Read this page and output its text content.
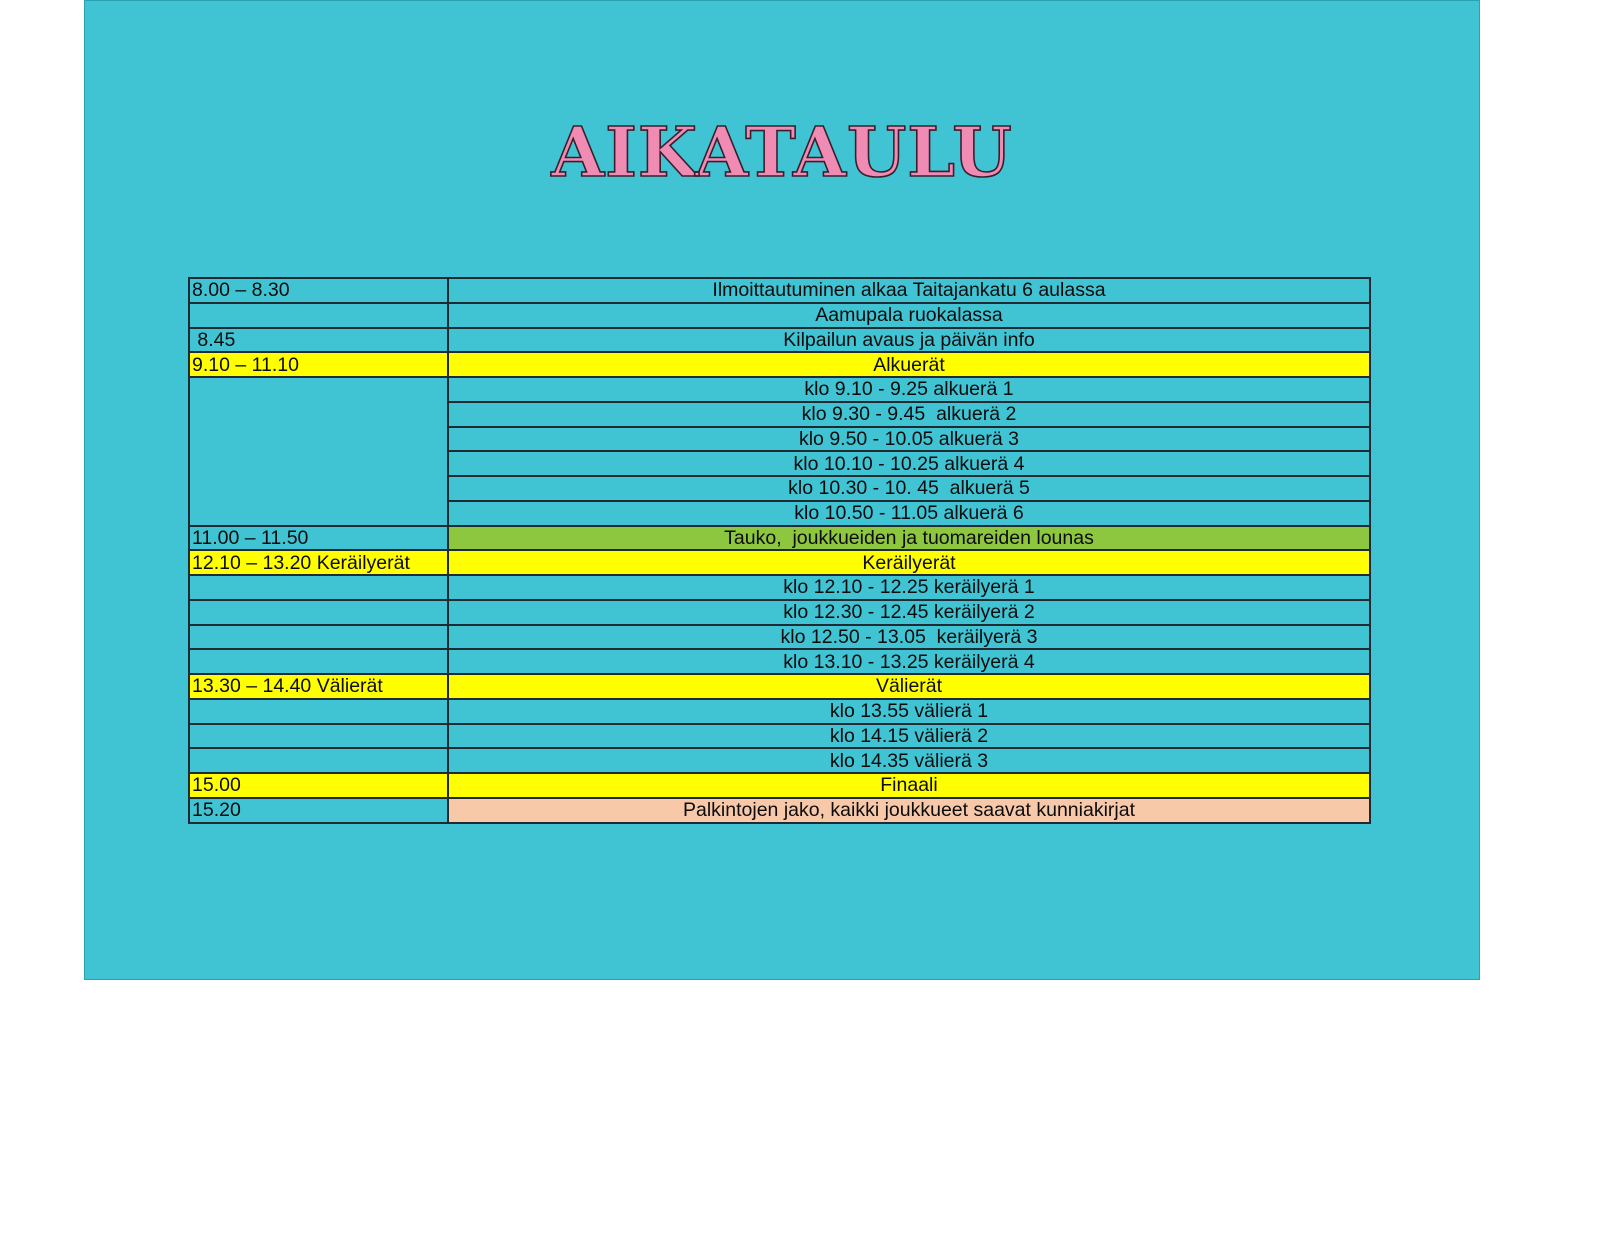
AIKATAULU
8.00 – 8.30	Ilmoittautuminen alkaa Taitajankatu 6 aulassa
	Aamupala ruokalassa
8.45	Kilpailun avaus ja päivän info
9.10 – 11.10	Alkuerät
	klo 9.10 - 9.25 alkuerä 1
	klo 9.30 - 9.45  alkuerä 2
	klo 9.50 - 10.05 alkuerä 3
	klo 10.10 - 10.25 alkuerä 4
	klo 10.30 - 10. 45  alkuerä 5
	klo 10.50 - 11.05 alkuerä 6
11.00 – 11.50	Tauko,  joukkueiden ja tuomareiden lounas
12.10 – 13.20 Keräilyerät	Keräilyerät
	klo 12.10 - 12.25 keräilyerä 1
	klo 12.30 - 12.45 keräilyerä 2
	klo 12.50 - 13.05  keräilyerä 3
	klo 13.10 - 13.25 keräilyerä 4
13.30 – 14.40 Välierät	Välierät
	klo 13.55 välierä 1
	klo 14.15 välierä 2
	klo 14.35 välierä 3
15.00	Finaali
15.20	Palkintojen jako, kaikki joukkueet saavat kunniakirjat
